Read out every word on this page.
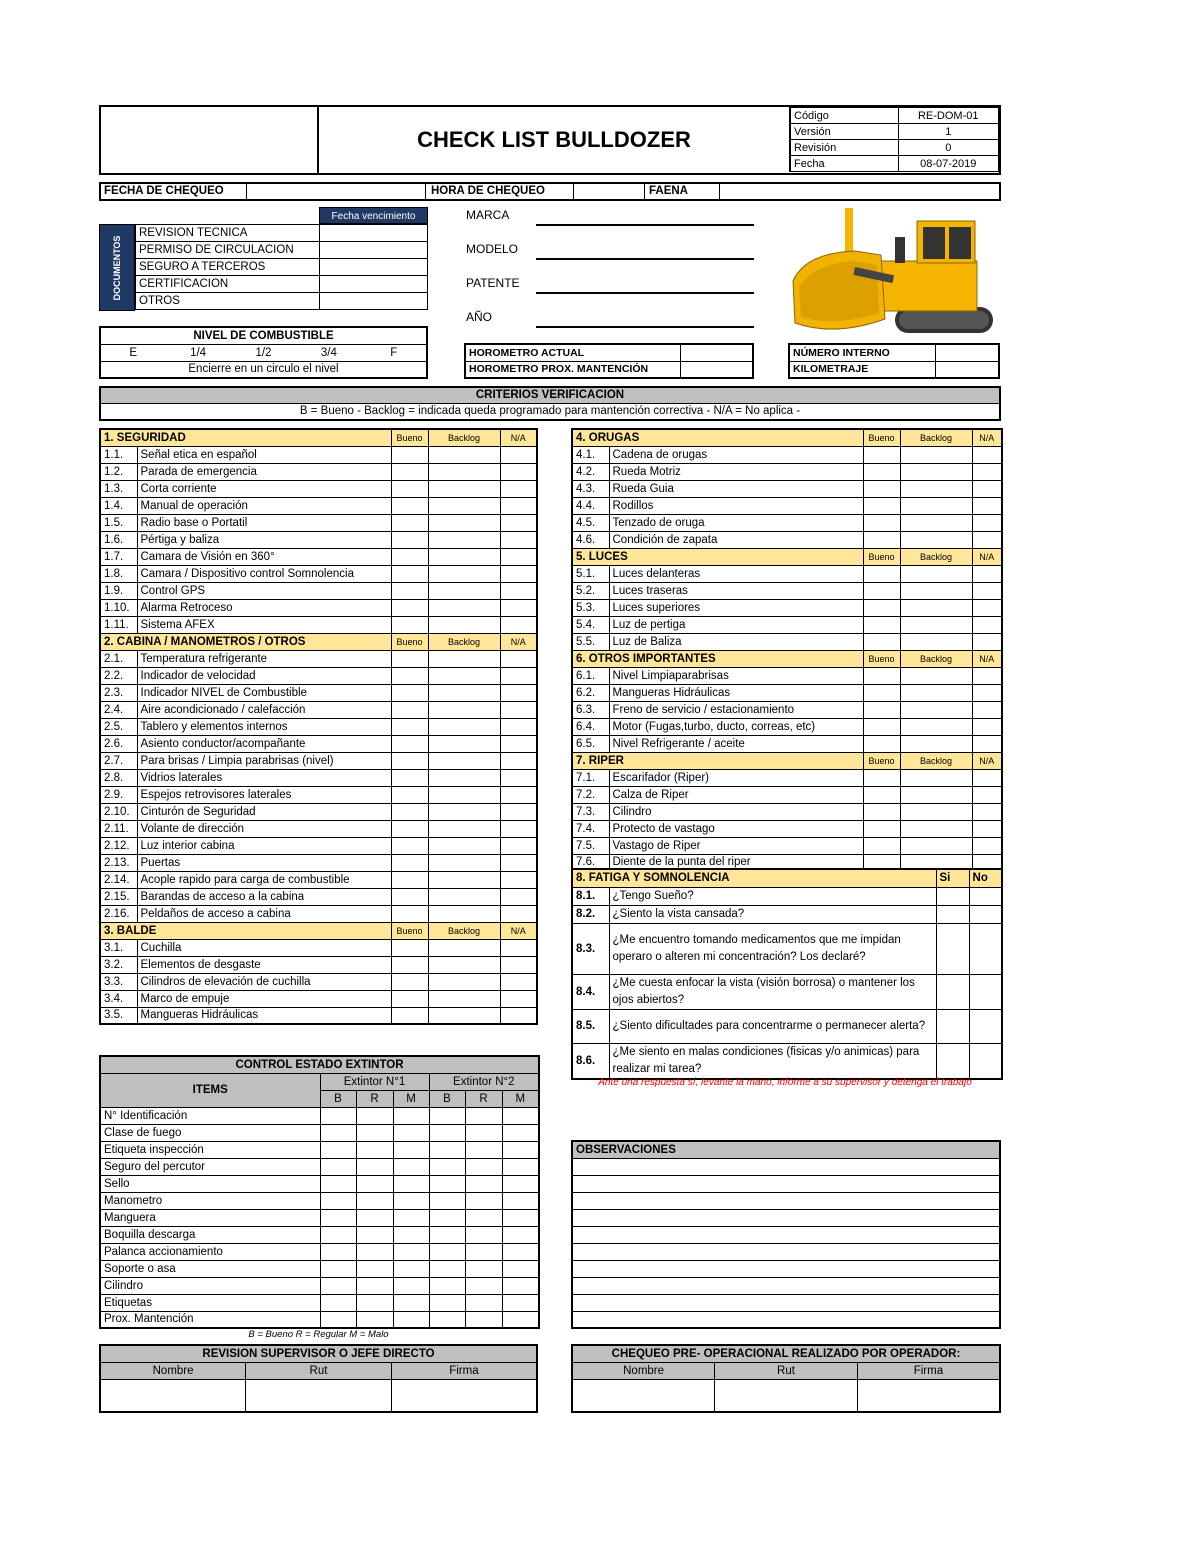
CHECK LIST BULLDOZER
Código	RE-DOM-01
Versión	1
Revisión	0
Fecha	08-07-2019
FECHA DE CHEQUEO	HORA DE CHEQUEO	FAENA
DOCUMENTOS
Fecha vencimiento
REVISION TECNICA	
PERMISO DE CIRCULACION	
SEGURO A TERCEROS	
CERTIFICACION	
OTROS	
MARCA
MODELO
PATENTE
AÑO
NIVEL DE COMBUSTIBLE
E	1/4	1/2	3/4	F
Encierre en un circulo el nivel
HOROMETRO ACTUAL	
HOROMETRO PROX. MANTENCIÓN	
NÚMERO INTERNO	
KILOMETRAJE	
CRITERIOS VERIFICACION
B = Bueno - Backlog = indicada queda programado para mantención correctiva - N/A = No aplica -
1. SEGURIDAD		Bueno	Backlog	N/A
1.1.	Señal etica en español			
1.2.	Parada de emergencia			
1.3.	Corta corriente			
1.4.	Manual de operación			
1.5.	Radio base o Portatil			
1.6.	Pértiga y baliza			
1.7.	Camara de Visión en 360°			
1.8.	Camara / Dispositivo control Somnolencia			
1.9.	Control GPS			
1.10.	Alarma Retroceso			
1.11.	Sistema AFEX			
2. CABINA / MANOMETROS / OTROS		Bueno	Backlog	N/A
2.1.	Temperatura refrigerante			
2.2.	Indicador de velocidad			
2.3.	Indicador NIVEL de Combustible			
2.4.	Aire acondicionado / calefacción			
2.5.	Tablero y elementos internos			
2.6.	Asiento conductor/acompañante			
2.7.	Para brisas / Limpia parabrisas (nivel)			
2.8.	Vidrios laterales			
2.9.	Espejos retrovisores laterales			
2.10.	Cinturón de Seguridad			
2.11.	Volante de dirección			
2.12.	Luz interior cabina			
2.13.	Puertas			
2.14.	Acople rapido para carga de combustible			
2.15.	Barandas de acceso a la cabina			
2.16.	Peldaños de acceso a cabina			
3. BALDE		Bueno	Backlog	N/A
3.1.	Cuchilla			
3.2.	Elementos de desgaste			
3.3.	Cilindros de elevación de cuchilla			
3.4.	Marco de empuje			
3.5.	Mangueras Hidráulicas			
4. ORUGAS		Bueno	Backlog	N/A
4.1.	Cadena de orugas			
4.2.	Rueda Motriz			
4.3.	Rueda Guia			
4.4.	Rodillos			
4.5.	Tenzado de oruga			
4.6.	Condición de zapata			
5. LUCES		Bueno	Backlog	N/A
5.1.	Luces delanteras			
5.2.	Luces traseras			
5.3.	Luces superiores			
5.4.	Luz de pertiga			
5.5.	Luz de Baliza			
6. OTROS IMPORTANTES		Bueno	Backlog	N/A
6.1.	Nivel Limpiaparabrisas			
6.2.	Mangueras Hidráulicas			
6.3.	Freno de servicio / estacionamiento			
6.4.	Motor (Fugas,turbo, ducto, correas, etc)			
6.5.	Nivel Refrigerante / aceite			
7. RIPER		Bueno	Backlog	N/A
7.1.	Escarifador (Riper)			
7.2.	Calza de Riper			
7.3.	Cilindro			
7.4.	Protecto de vastago			
7.5.	Vastago de Riper			
7.6.	Diente de la punta del riper			
8. FATIGA Y SOMNOLENCIA		Si	No
8.1.	¿Tengo Sueño?		
8.2.	¿Siento la vista cansada?		
8.3.	¿Me encuentro tomando medicamentos que me impidan operaro o alteren mi concentración? Los declaré?		
8.4.	¿Me cuesta enfocar la vista (visión borrosa) o mantener los ojos abiertos?		
8.5.	¿Siento dificultades para concentrarme o permanecer alerta?		
8.6.	¿Me siento en malas condiciones (fisicas y/o animicas) para realizar mi tarea?		
Ante una respuesta sí, levante la mano, informe a su supervisor y detenga el trabajo
CONTROL ESTADO EXTINTOR						
ITEMS	Extintor N°1			Extintor N°2		
	B	R	M	B	R	M
N° Identificación						
Clase de fuego						
Etiqueta inspección						
Seguro del percutor						
Sello						
Manometro						
Manguera						
Boquilla descarga						
Palanca accionamiento						
Soporte o asa						
Cilindro						
Etiquetas						
Prox. Mantención						
B = Bueno R = Regular M = Malo
OBSERVACIONES

REVISION SUPERVISOR O JEFE DIRECTO		
Nombre	Rut	Firma

CHEQUEO PRE- OPERACIONAL REALIZADO POR OPERADOR:		
Nombre	Rut	Firma
